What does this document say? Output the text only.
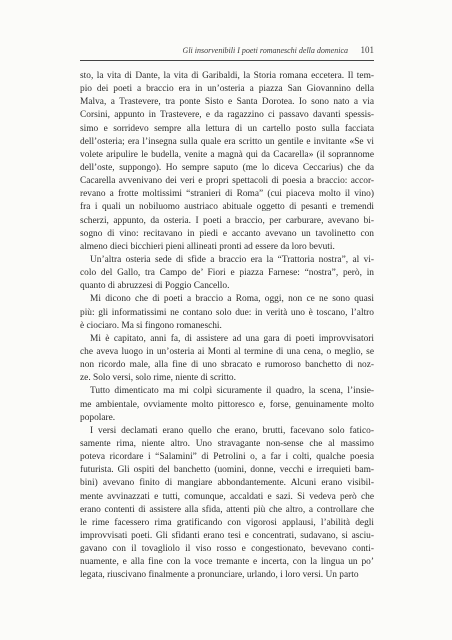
Gli insorvenibili I poeti romaneschi della domenica 101
sto, la vita di Dante, la vita di Garibaldi, la Storia romana eccetera. Il tem-
pio dei poeti a braccio era in un’osteria a piazza San Giovannino della
Malva, a Trastevere, tra ponte Sisto e Santa Dorotea. Io sono nato a via
Corsini, appunto in Trastevere, e da ragazzino ci passavo davanti spessis-
simo e sorridevo sempre alla lettura di un cartello posto sulla facciata
dell’osteria; era l’insegna sulla quale era scritto un gentile e invitante «Se vi
volete aripulire le budella, venite a magnà qui da Cacarella» (il soprannome
dell’oste, suppongo). Ho sempre saputo (me lo diceva Ceccarius) che da
Cacarella avvenivano dei veri e propri spettacoli di poesia a braccio: accor-
revano a frotte moltissimi “stranieri di Roma” (cui piaceva molto il vino)
fra i quali un nobiluomo austriaco abituale oggetto di pesanti e tremendi
scherzi, appunto, da osteria. I poeti a braccio, per carburare, avevano bi-
sogno di vino: recitavano in piedi e accanto avevano un tavolinetto con
almeno dieci bicchieri pieni allineati pronti ad essere da loro bevuti.
Un’altra osteria sede di sfide a braccio era la “Trattoria nostra”, al vi-
colo del Gallo, tra Campo de’ Fiori e piazza Farnese: “nostra”, però, in
quanto di abruzzesi di Poggio Cancello.
Mi dicono che di poeti a braccio a Roma, oggi, non ce ne sono quasi
più: gli informatissimi ne contano solo due: in verità uno è toscano, l’altro
è ciociaro. Ma si fingono romaneschi.
Mi è capitato, anni fa, di assistere ad una gara di poeti improvvisatori
che aveva luogo in un’osteria ai Monti al termine di una cena, o meglio, se
non ricordo male, alla fine di uno sbracato e rumoroso banchetto di noz-
ze. Solo versi, solo rime, niente di scritto.
Tutto dimenticato ma mi colpì sicuramente il quadro, la scena, l’insie-
me ambientale, ovviamente molto pittoresco e, forse, genuinamente molto
popolare.
I versi declamati erano quello che erano, brutti, facevano solo fatico-
samente rima, niente altro. Uno stravagante non-sense che al massimo
poteva ricordare i “Salamini” di Petrolini o, a far i colti, qualche poesia
futurista. Gli ospiti del banchetto (uomini, donne, vecchi e irrequieti bam-
bini) avevano finito di mangiare abbondantemente. Alcuni erano visibil-
mente avvinazzati e tutti, comunque, accaldati e sazi. Si vedeva però che
erano contenti di assistere alla sfida, attenti più che altro, a controllare che
le rime facessero rima gratificando con vigorosi applausi, l’abilità degli
improvvisati poeti. Gli sfidanti erano tesi e concentrati, sudavano, si asciu-
gavano con il tovagliolo il viso rosso e congestionato, bevevano conti-
nuamente, e alla fine con la voce tremante e incerta, con la lingua un po’
legata, riuscivano finalmente a pronunciare, urlando, i loro versi. Un parto
